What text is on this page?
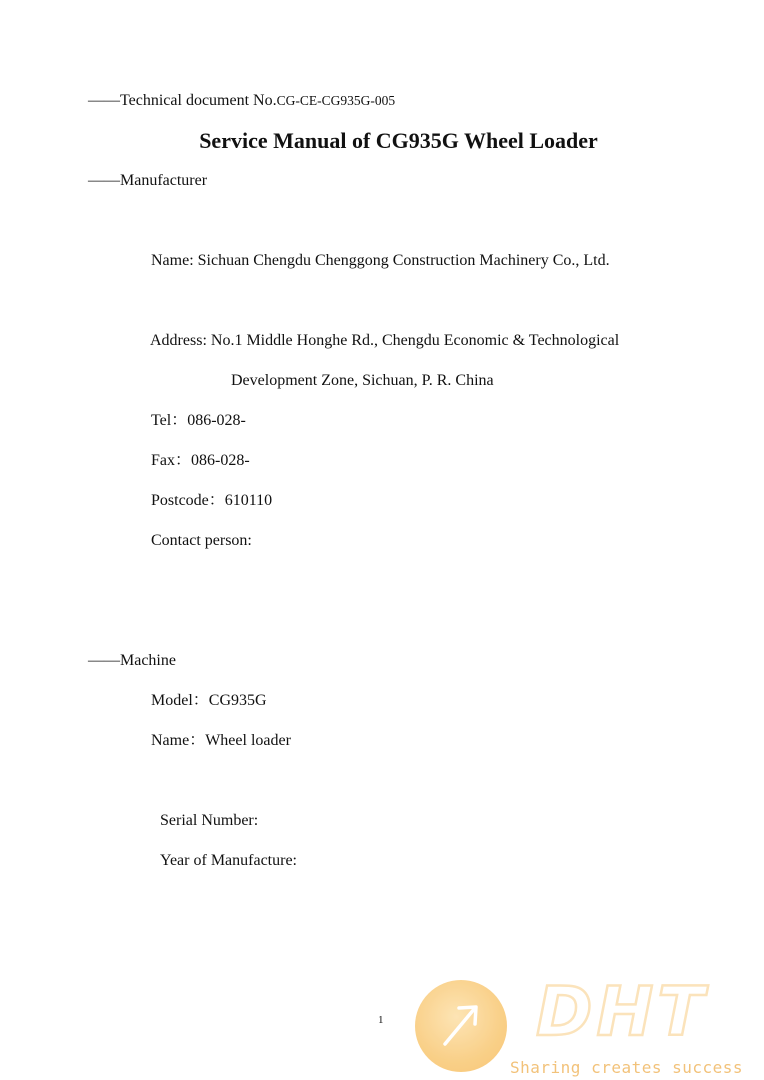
——Technical document No.CG-CE-CG935G-005
Service Manual of CG935G Wheel Loader
——Manufacturer
Name: Sichuan Chengdu Chenggong Construction Machinery Co., Ltd.
Address: No.1 Middle Honghe Rd., Chengdu Economic & Technological
Development Zone, Sichuan, P. R. China
Tel：086-028-
Fax：086-028-
Postcode：610110
Contact person:
——Machine
Model：CG935G
Name：Wheel loader
Serial Number:
Year of Manufacture:
1 DHT
Sharing creates success
